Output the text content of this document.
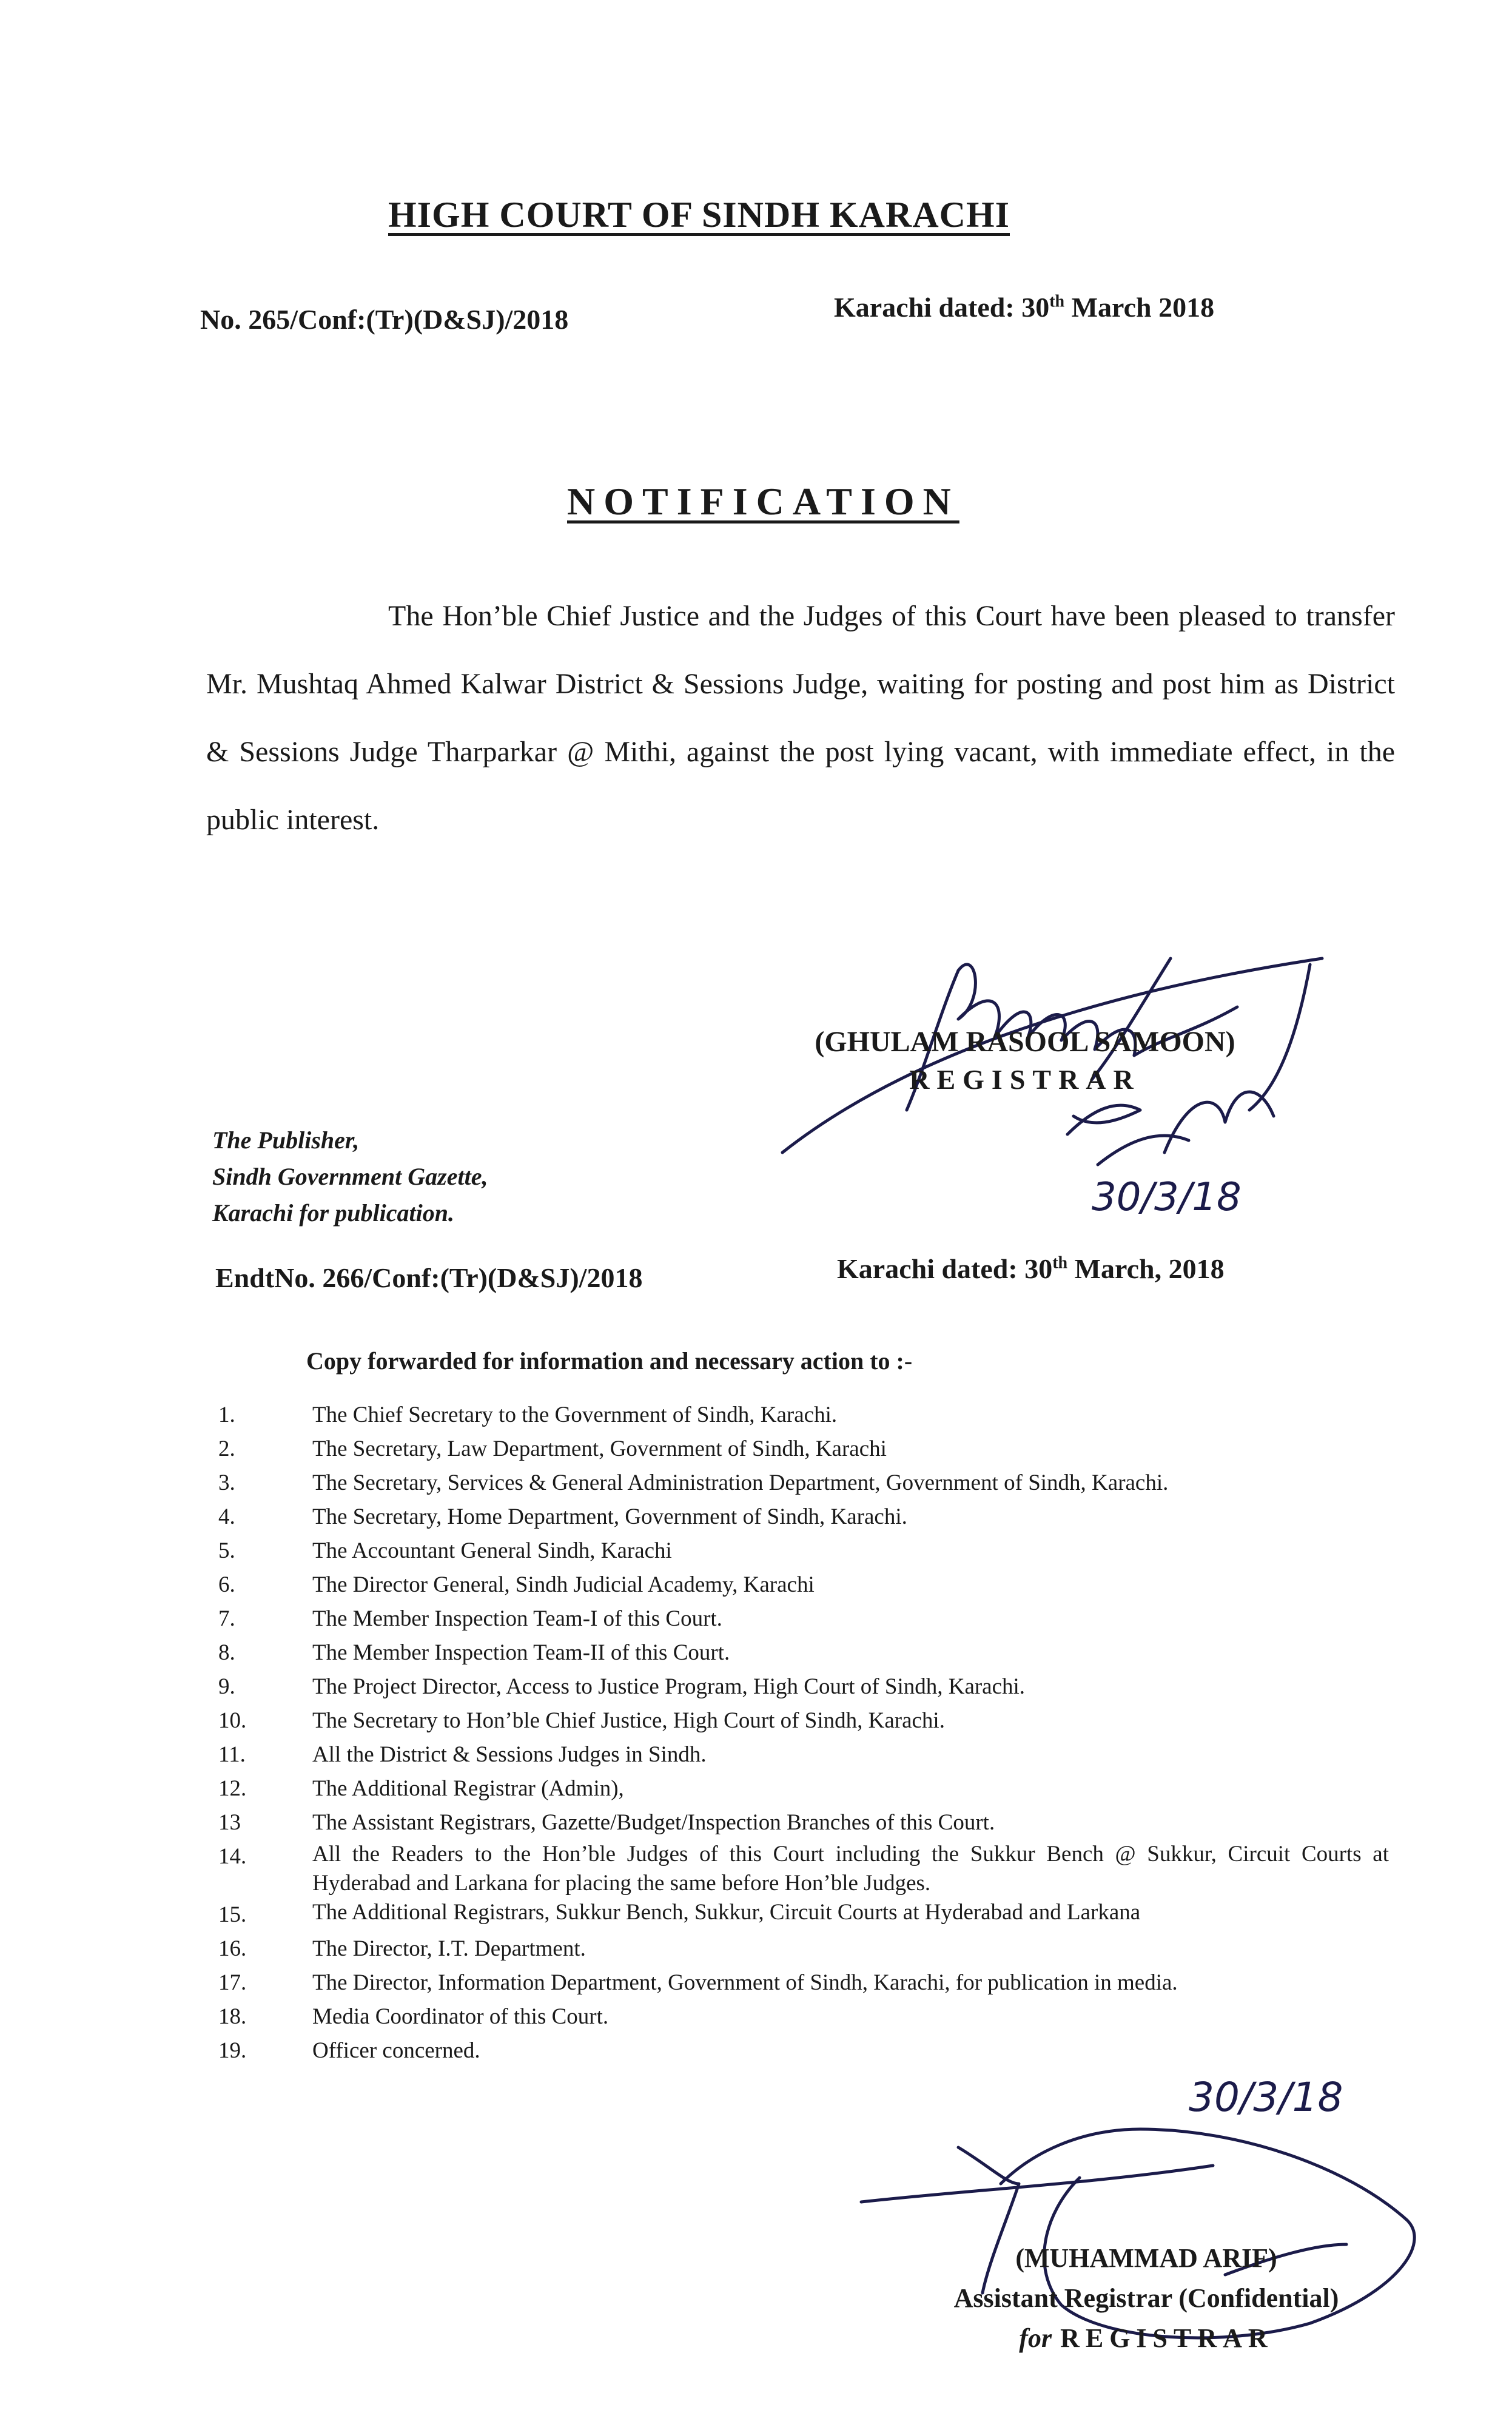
HIGH COURT OF SINDH KARACHI
No. 265/Conf:(Tr)(D&SJ)/2018	Karachi dated: 30th March 2018
NOTIFICATION

The Hon’ble Chief Justice and the Judges of this Court have been pleased to transfer Mr. Mushtaq Ahmed Kalwar District & Sessions Judge, waiting for posting and post him as District & Sessions Judge Tharparkar @ Mithi, against the post lying vacant, with immediate effect, in the public interest.

30/3/18
(GHULAM RASOOL SAMOON)
REGISTRAR
The Publisher,
Sindh Government Gazette,
Karachi for publication.
EndtNo. 266/Conf:(Tr)(D&SJ)/2018	Karachi dated: 30th March, 2018
Copy forwarded for information and necessary action to :-
1.	The Chief Secretary to the Government of Sindh, Karachi.
2.	The Secretary, Law Department, Government of Sindh, Karachi
3.	The Secretary, Services & General Administration Department, Government of Sindh, Karachi.
4.	The Secretary, Home Department, Government of Sindh, Karachi.
5.	The Accountant General Sindh, Karachi
6.	The Director General, Sindh Judicial Academy, Karachi
7.	The Member Inspection Team-I of this Court.
8.	The Member Inspection Team-II of this Court.
9.	The Project Director, Access to Justice Program, High Court of Sindh, Karachi.
10.	The Secretary to Hon’ble Chief Justice, High Court of Sindh, Karachi.
11.	All the District & Sessions Judges in Sindh.
12.	The Additional Registrar (Admin),
13	The Assistant Registrars, Gazette/Budget/Inspection Branches of this Court.
14.	All the Readers to the Hon’ble Judges of this Court including the Sukkur Bench @ Sukkur, Circuit Courts at Hyderabad and Larkana for placing the same before Hon’ble Judges.
15.	The Additional Registrars, Sukkur Bench, Sukkur, Circuit Courts at Hyderabad and Larkana
16.	The Director, I.T. Department.
17.	The Director, Information Department, Government of Sindh, Karachi, for publication in media.
18.	Media Coordinator of this Court.
19.	Officer concerned.
30/3/18
(MUHAMMAD ARIF)
Assistant Registrar (Confidential)
for REGISTRAR
